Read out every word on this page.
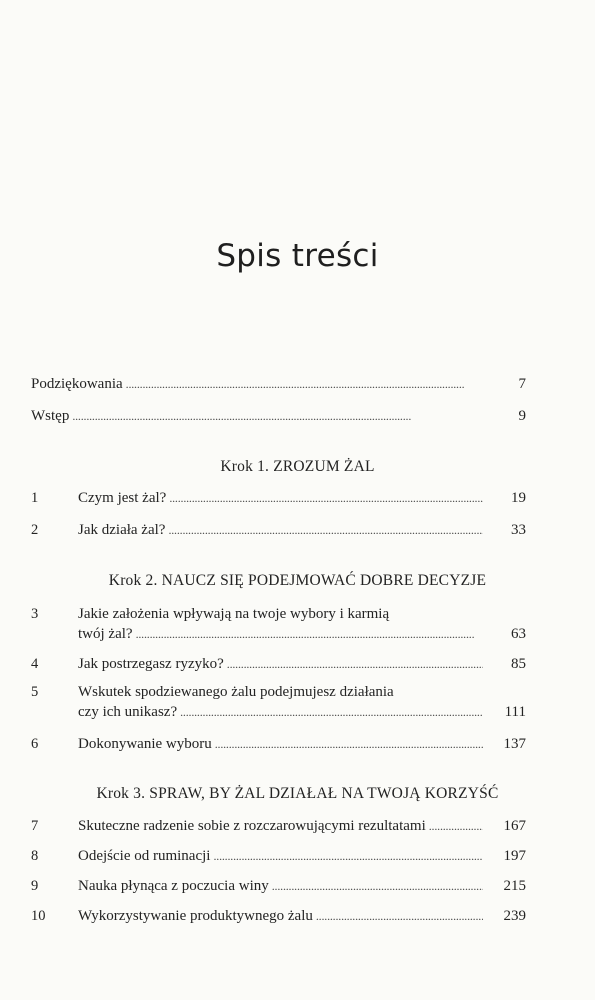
Spis treści
Podziękowania . . .	7
Wstęp . . .	9
Krok 1. ZROZUM ŻAL
1	Czym jest żal? . . .	19
2	Jak działa żal? . . .	33
Krok 2. NAUCZ SIĘ PODEJMOWAĆ DOBRE DECYZJE
3	Jakie założenia wpływają na twoje wybory i karmią
twój żal? . . .	63
4	Jak postrzegasz ryzyko? . . .	85
5	Wskutek spodziewanego żalu podejmujesz działania
czy ich unikasz? . . .	111
6	Dokonywanie wyboru . . .	137
Krok 3. SPRAW, BY ŻAL DZIAŁAŁ NA TWOJĄ KORZYŚĆ
7	Skuteczne radzenie sobie z rozczarowującymi rezultatami . . .	167
8	Odejście od ruminacji . . .	197
9	Nauka płynąca z poczucia winy . . .	215
10 Wykorzystywanie produktywnego żalu . . .	239
